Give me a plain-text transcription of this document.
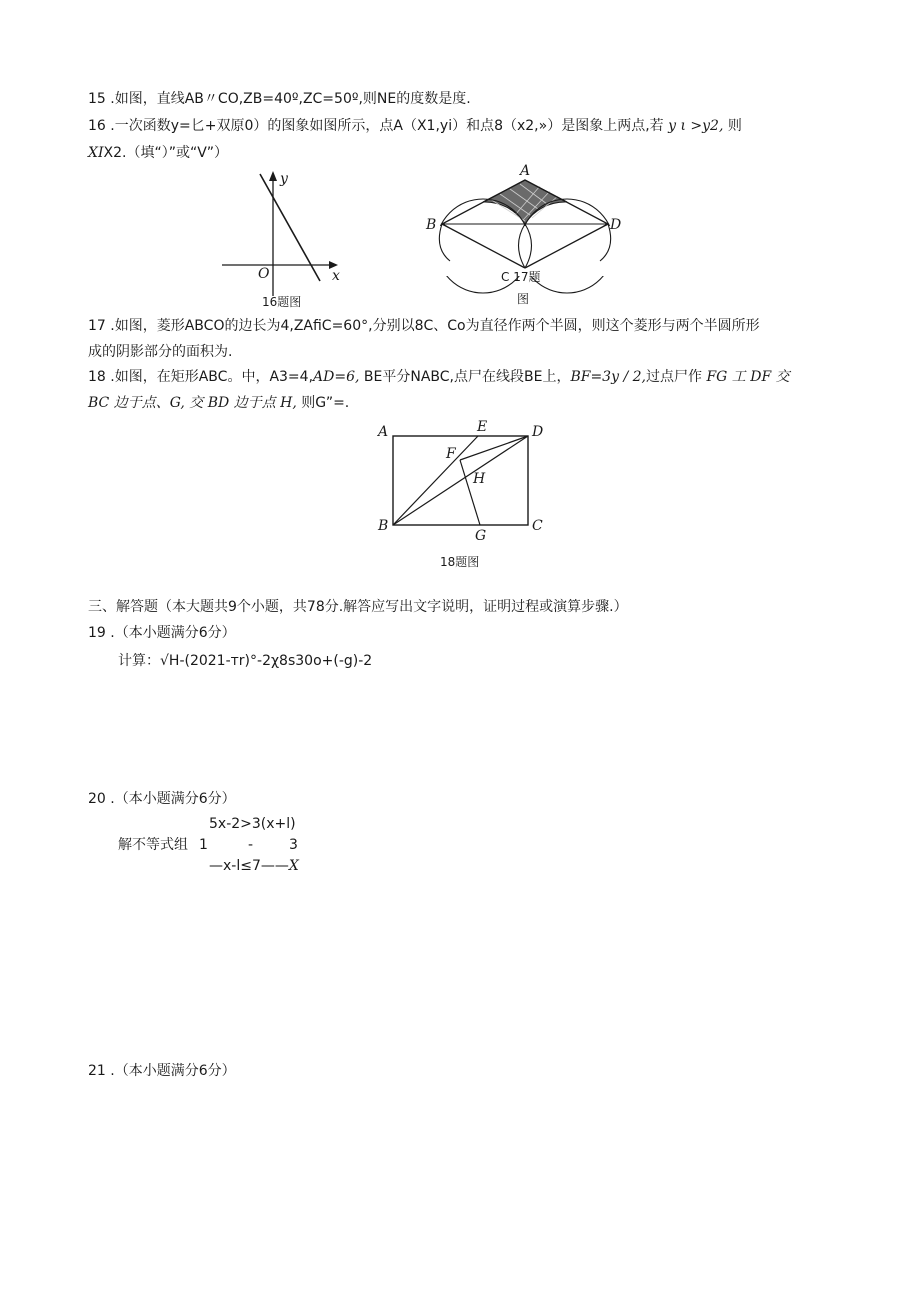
15 .如图，直线AB〃CO,ZB=40º,ZC=50º,则NE的度数是度.
16 .一次函数y=匕+双原0）的图象如图所示，点A（X1,yi）和点8（x2,»）是图象上两点,若 y ι >y2, 则
XIX2.（填“）”或“V”）
y
x
O
16题图
A
B	D
C 17题
图
17 .如图，菱形ABCO的边长为4,ZAfiC=60°,分别以8C、Co为直径作两个半圆，则这个菱形与两个半圆所形
成的阴影部分的面积为.
18 .如图，在矩形ABC。中，A3=4,AD=6, BE平分NABC,点尸在线段BE上，BF=3y / 2,过点尸作 FG 工 DF 交
BC 边于点、G, 交 BD 边于点 H, 则G”=.
A	E	D
F
H
B
G
C
18题图
三、解答题（本大题共9个小题，共78分.解答应写出文字说明，证明过程或演算步骤.）
19 .（本小题满分6分）
计算：√H-(2021-тr)°-2χ8s30o+(-g)-2
20 .（本小题满分6分）
5x-2>3(x+l)
解不等式组 1	-	3
—x-l≤7——X
21 .（本小题满分6分）
